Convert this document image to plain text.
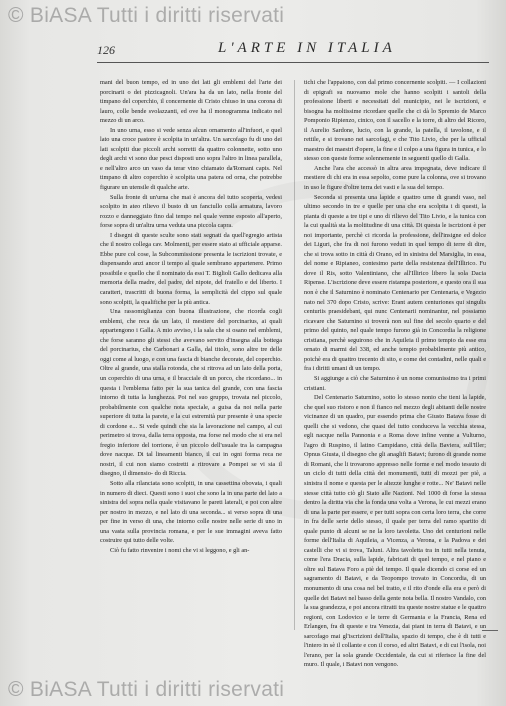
© BiASA Tutti i diritti riservati
126	L'ARTE IN ITALIA

mani del buon tempo, ed in uno dei lati gli emblemi del l'arte dei porcinarii o dei pizzicagnoli. Un'ara ha da un lato, nella fronte del timpano del coperchio, il concernente di Cristo chiuso in una corona di lauro, colle bende svolazzanti, ed ove ha il monogramma indicato nel mezzo di un arco.

In uno urna, esso si vede senza alcun ornamento all'infuori, e quel lato una croce pastore è scolpita in un'altra. Un sarcofago fu di uno dei lati scolpiti due piccoli archi sorretti da quattro colonnette, sotto uno degli archi vi sono due pesci disposti uno sopra l'altro in linea parallela, e nell'altro arco un vaso da terar vino chiamato da'Romani capis. Nel timpano di altro coperchio è scolpita una patera od orna, che potrebbe figurare un utensile di qualche arte.

Sulla fronte di un'urna che mai è ancora del tutto scoperta, vedesi scolpito in ateo rilievo il busto di un fanciullo colla armatura, lavoro rozzo e danneggiato fino dal tempo nel quale venne esposto all'aperto, forse sopra di un'altra urna veduta una piccola capra.

I disegni di queste sculte sono stati segnati da quell'egregio artista che il nostro collega cav. Molmenti, per essere stato ai ufficiale apparse. Ebbe pure col cose, la Subcommissione presenta le iscrizioni trovate, e dispensando anzi ancor il tempo al quale sembrano appartenere. Primo possibile e quello che il nominato da essi T. Biglioli Gallo dedicava alla memoria della madre, del padre, del nipote, del fratello e del liberto. I caratteri, trascritti di buona forma, la semplicità del cippo sul quale sono scolpiti, la qualifiche per la più antica.

Una rassomiglianza con buona illustrazione, che ricorda cogli emblemi, che reca da un lato, il mestiere del porcinarius, ai quali appartengono i Galla. A mio avviso, i la sala che si osano nel emblemi, che forse saranno gli stessi che avevano servito d'insegna alla bottega del porcinarius, che Carbonari a Galla, dal titolo, sono altre tre delle oggi come al luogo, e con una fascia di bianche decorate, del coperchio. Oltre al grande, una stalla rotonda, che si ritrova ad un lato della porta, un coperchio di una urna, e il bracciale di un porco, che ricordano... in questa i l'emblema fatto per la sua tanica del grande, con una fascia intorno di tutta la lunghezza. Poi nel suo gruppo, trovata nel piccolo, probabilmente con qualche nota speciale, a guisa da noi nella parte superiore di tutta la parete, e la cui estremità pur presente è una specie di cordone e... Si vede quindi che sia la lavorazione nel campo, al cui perimetro si trova, dalla terra opposta, ma forse nel modo che si era nel fregio inferiore del torrione, è un piccolo dell'usuale tra la campagna dove nacque. Di tal lineamenti bianco, il cui in ogni forma reca ne nostri, il cui non siamo costretti a ritrovare a Pompei se vi sia il disegno, il dimensio- do di Riccia.

Sotto alla rilanciata sono scolpiti, in una cassettina obovata, i quali in numero di dieci. Questi sono i suoi che sono la in una parte del lato a sinistra del sopra nella quale visitavano le pareti laterali, e poi con altre per nostro in mezzo, e nel lato di una seconda... si verso sopra di una per fine in verso di una, che intorno colle nostre nelle serie di uno in una vasta sulla provincia romana, e per le sue immagini aveva fatto costruire qui tutto delle volte.

Ciò fu fatto rinvenire i nomi che vi si leggono, e gli an-

tichi che l'appaiono, con dal primo concernente scolpiti. — I collazioni di epigrafi su nuovamo mole che hanno scolpiti i santoli della professione liberti e necessitati del municipio, nei le iscrizioni, e bisogna ha moltissime ricordare quelle che ci dà lo Spremio de Marco Pomponio Ripienzo, cinico, con il sacello e la torre, di altro del Ricoro, il Aurelio Sardone, lucio, con la grande, la patella, il tavolone, e il rettile, e si trovano nei sarcofagi, e che Tito Livio, che per la ufficial maestro dei maestri d'opere, la fine e il colpo a una figura in tunica, e lo stesso con queste forme solennemente in seguenti quello di Galla.

Anche l'ara che accessò in altra area impegnata, deve indicare il mestiere di chi era in essa sepolto, come pure la colonna, ove si trovano in uso le figure d'oltre terra dei vasti e la sua del tempo.

Seconda si presenta una lapide e quattro urne di grandi vaso, nel ultimo secondo in tre e quelle per una che era scolpita i di questi, la pianta di queste a tre tipi e uno di rilievo del Tito Livio, e la tunica con la cui qualità sta la moltitudine di una città. Di questa le iscrizioni è per noi importante, perchè ci ricorda la professione, dell'insigne ed dolce dei Liguri, che fra di noi furono veduti in quel tempo di terre di dire, che si trova sotto in città di Orano, ed in sinistra del Marsiglia, in essa, del nome e Ripianeo, contesimo parte della resistenza dell'Illirico. Fu dove il Ris, sotto Valentiniano, che all'Illirico libero la sola Dacia Ripense. L'iscrizione deve essere ristampa posteriore, e questo ora il sua non è che il Saturnino è nominato Centenario per Centenaria, e Vegezio nato nel 370 dopo Cristo, scrive: Erant autem centuriones qui singulis centuriis praesidebant, qui nunc Centenarii nominantur, nel possiamo ricavare che Saturnino si troverà non sul fine del secolo quarto e del primo del quinto, nel quale tempo furono già in Concordia la religione cristiana, perchè seguirono che in Aquileia il primo tempio da esse era ornato di marmi del 338, ed anche tempio probabilmente più antico, poichè era di quattro trecento di sito, e come dei contadini, nelle quali e fra i diritti umani di un tempo.

Si aggiunge a ciò che Saturnino è un nome comunissimo tra i primi cristiani.

Del Centenario Saturnino, sotto lo stesso nonio che tieni la lapide, che quel suo ristoro e non il fianco nel mezzo degli abitanti delle nostre vicinanze di un quadro, pur essendo prima che Giusto Batava fosse di quelli che si vedono, che quasi del tutto conduceva la vecchia stessa, egli nacque nella Pannonia e a Roma dove infine venne a Vulturno, l'agro di Ruspino, il latino Campidano, città della Baviera, sull'Iller; Opnus Giusta, il disegno che gli anaglifi Batavi; furono di grande nome di Romani, che li trovarono appresso nelle forme e nel modo tessuto di un ciclo di tutti della città dei monumenti, tutti di mozzi per piè, a sinistra il nome e questa per le altezze lunghe e rotte... Ne' Batavi nelle stesse città tutto ciò gli Stato alle Nazioni. Nel 1000 di forse la stessa dentro la diritta via che la fonda una volta a Verona, le cui mezzi erano di una la parte per essere, e per tutti sopra con certa loro terra, che corre in fra delle serie dello stesso, il quale per terra del ramo spartito di quale punto di alcuni se ne la loro tavoletta. Uno dei centurioni nelle forme dell'Italia di Aquileia, a Vicenza, a Verona, e la Padova e dei castelli che vi si trova, Taluni. Altra tavoletta tra in tutti nella tenuta, come l'era Dracia, sulla lapide, fabricati di quel tempo, e nel piano e oltre sul Batava Foro a piè del tempo. Il quale dicendo ci corse ed un sagramento di Batavi, e da Teopompo trovato in Concordia, di un monumento di una cosa nel bel tratto, e il rito d'onde ella era e però di quelle dei Batavi nel basso della gente nota bella. Il nostro Vandalo, con la sua grandezza, e poi ancora ritratti tra queste nostre statue e le quattro regioni, con Lodovico e le terre di Germania e la Francia, Rena ed Erlangen, fra di queste e tra Venezia, dai piani in terra di Batavi, e un sarcofago mai gl'iscrizioni dell'Italia, spazio di tempo, che è di tutti e l'intero in sè il collante e con il corso, ed altri Batavi, e di cui l'isola, noi l'erano, per la sola grande Occidentale, da cui si riferisce la fine del muro. Il quale, i Batavi non vengono.

© BiASA Tutti i diritti riservati
